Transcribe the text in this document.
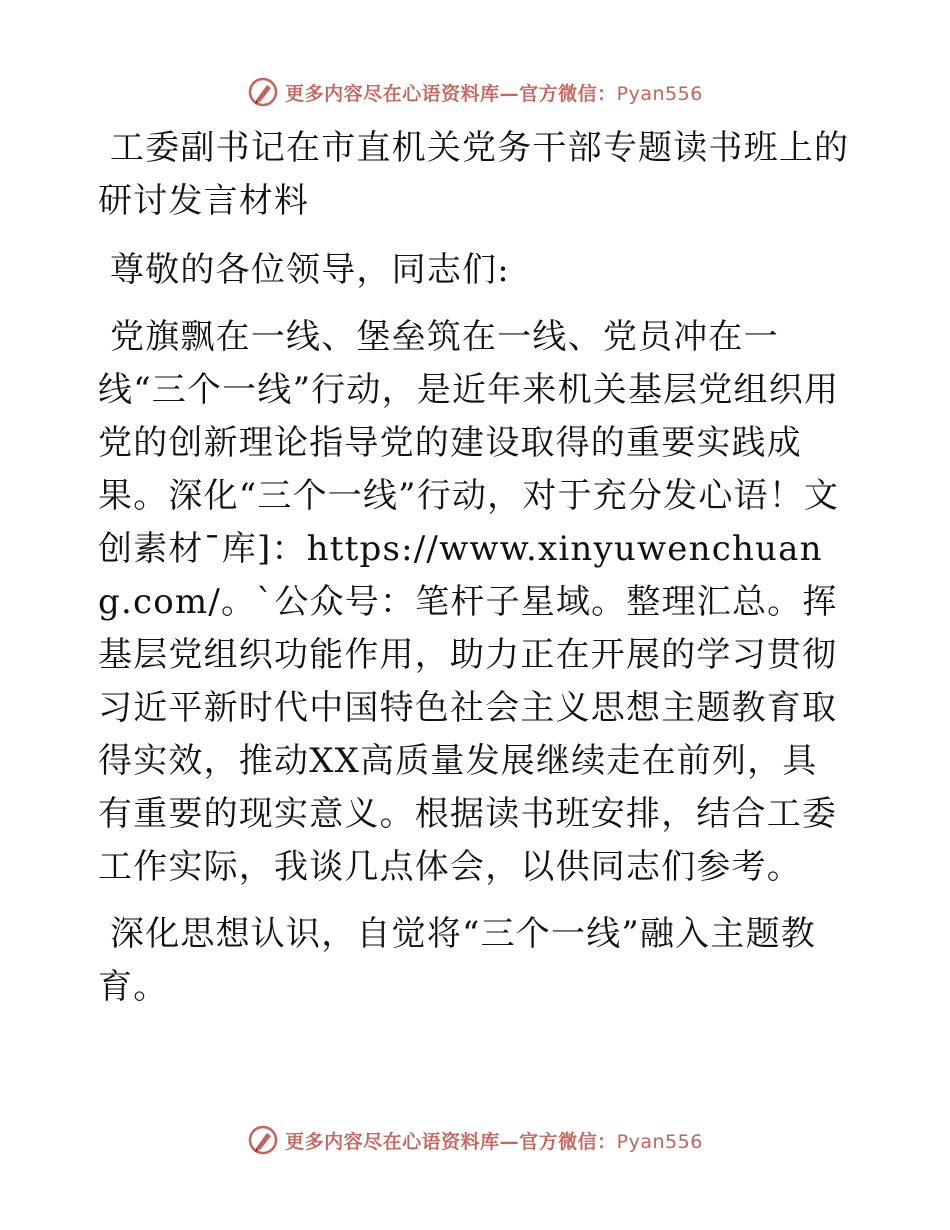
更多内容尽在心语资料库—官方微信：Pyan556

工委副书记在市直机关党务干部专题读书班上的研讨发言材料

尊敬的各位领导，同志们:

党旗飘在一线、堡垒筑在一线、党员冲在一线“三个一线”行动，是近年来机关基层党组织用党的创新理论指导党的建设取得的重要实践成果。深化“三个一线”行动，对于充分发心语！文创素材¯库]：https://www.xinyuwenchuang.com/。`公众号：笔杆子星域。整理汇总。挥基层党组织功能作用，助力正在开展的学习贯彻习近平新时代中国特色社会主义思想主题教育取得实效，推动XX高质量发展继续走在前列，具有重要的现实意义。根据读书班安排，结合工委工作实际，我谈几点体会，以供同志们参考。

深化思想认识，自觉将“三个一线”融入主题教育。

更多内容尽在心语资料库—官方微信：Pyan556
